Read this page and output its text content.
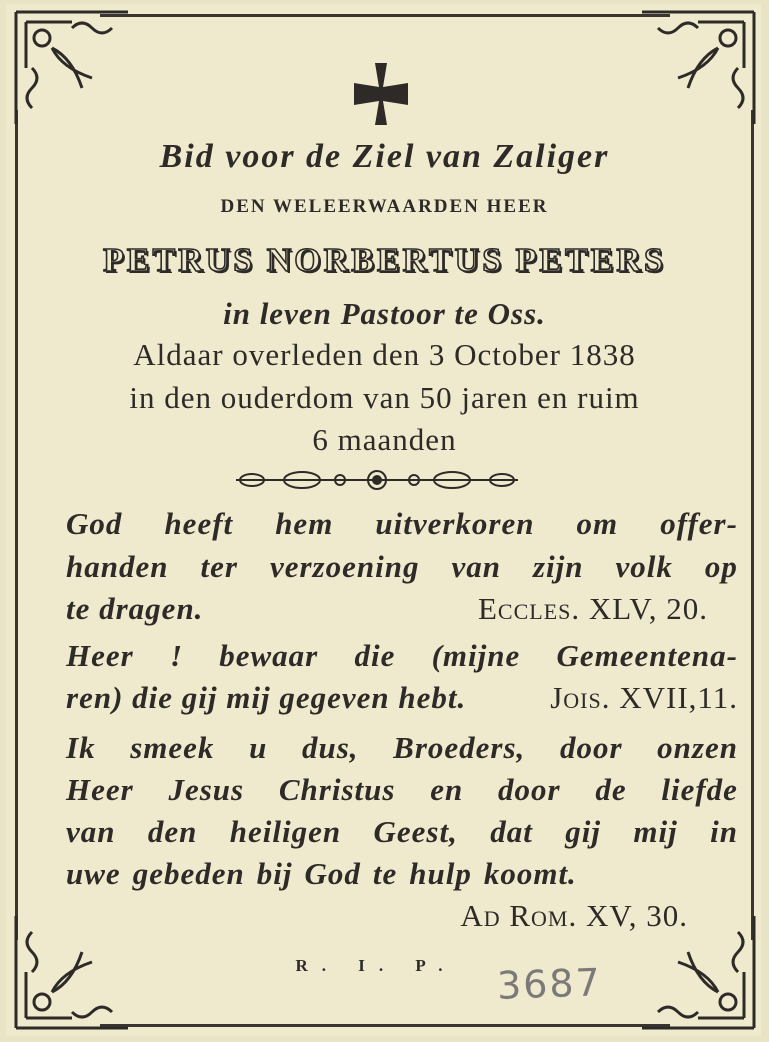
Bid voor de Ziel van Zaliger
DEN WELEERWAARDEN HEER
PETRUS NORBERTUS PETERS
in leven Pastoor te Oss.
Aldaar overleden den 3 October 1838
in den ouderdom van 50 jaren en ruim
6 maanden
God heeft hem uitverkoren om offer-
handen ter verzoening van zijn volk op
te dragen.	Eccles. XLV, 20.
Heer ! bewaar die (mijne Gemeentena-
ren) die gij mij gegeven hebt.	Jois. XVII,11.
Ik smeek u dus, Broeders, door onzen
Heer Jesus Christus en door de liefde
van den heiligen Geest, dat gij mij in
uwe gebeden bij God te hulp koomt.
Ad Rom. XV, 30.
R. I. P.	3687
